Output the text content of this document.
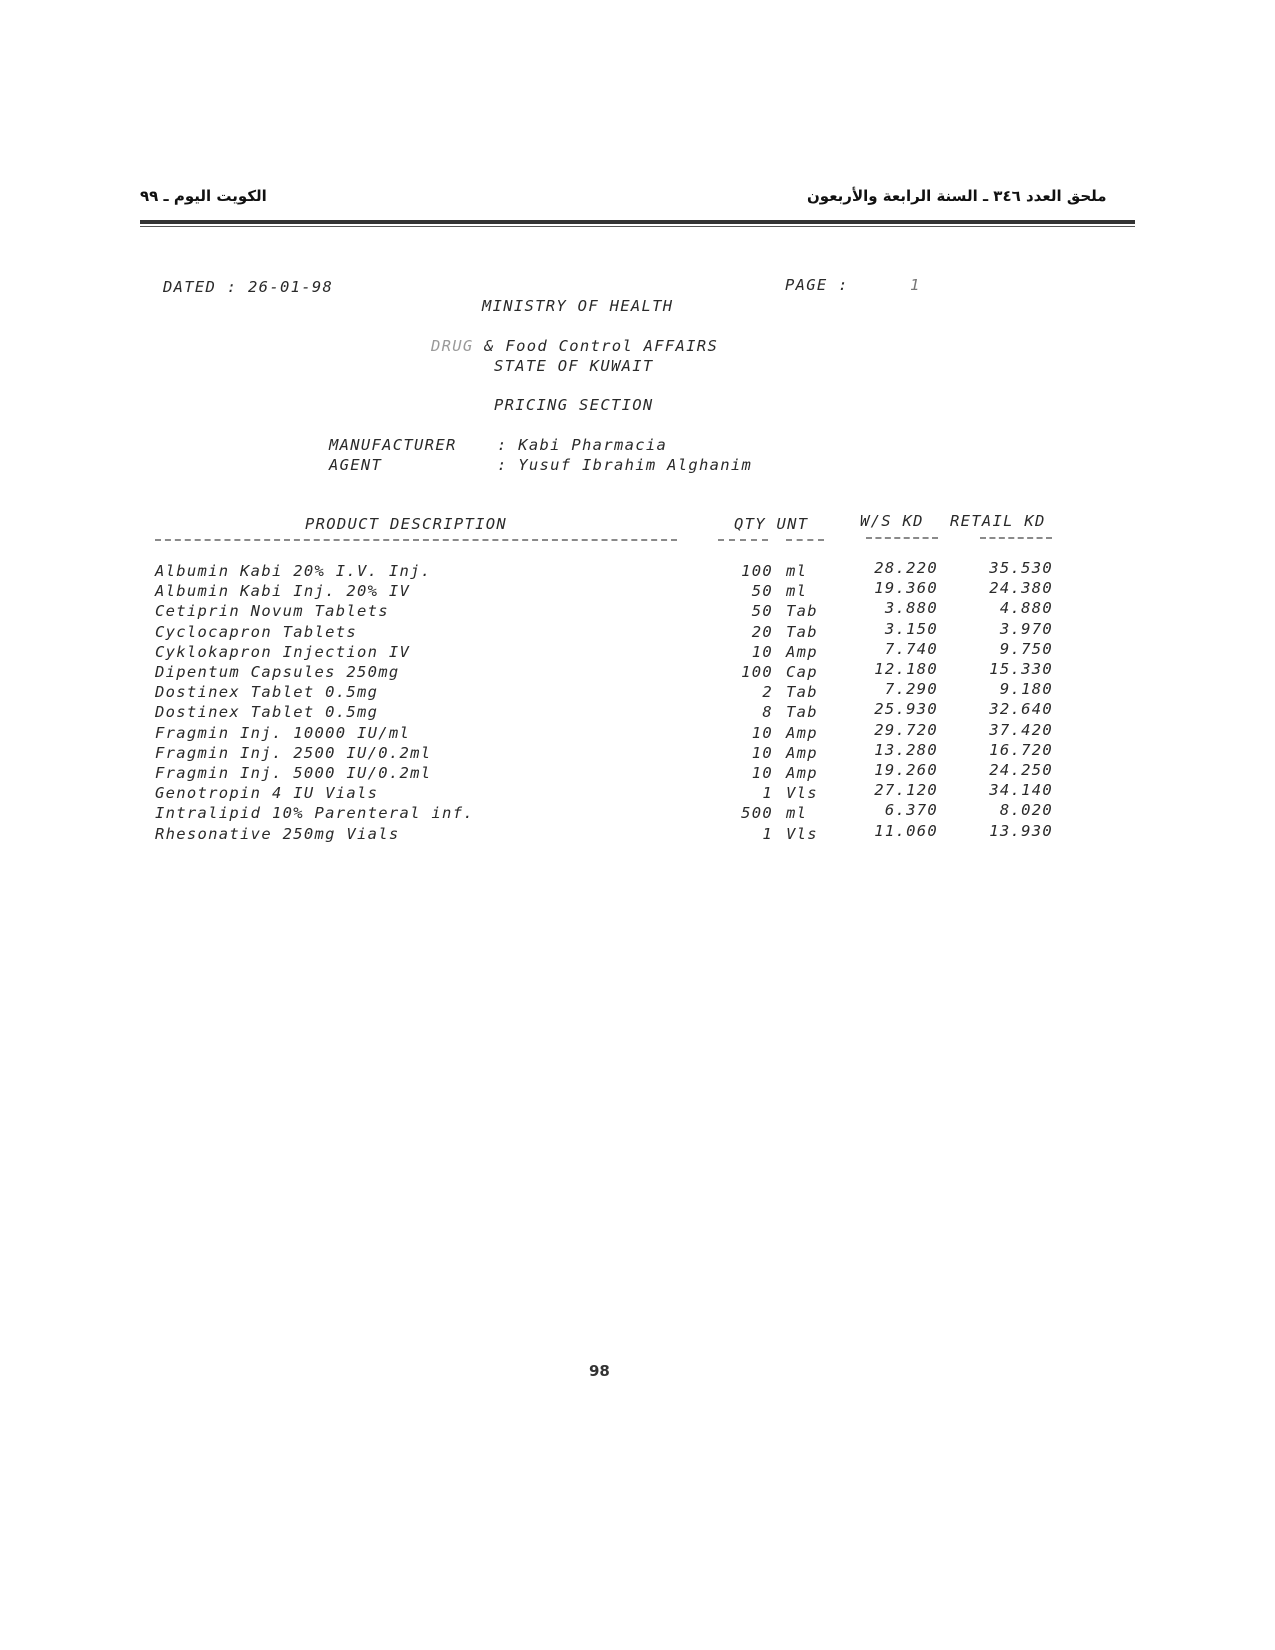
ملحق العدد ٣٤٦ ـ السنة الرابعة والأربعون
الكويت اليوم ـ ٩٩
DATED : 26-01-98	PAGE :	1
MINISTRY OF HEALTH
DRUG & Food Control AFFAIRS
STATE OF KUWAIT
PRICING SECTION
MANUFACTURER	: Kabi Pharmacia
AGENT	: Yusuf Ibrahim Alghanim
PRODUCT DESCRIPTION	QTY UNT	W/S KD RETAIL KD
Albumin Kabi 20% I.V. Inj.	100 ml	28.220	35.530
Albumin Kabi Inj. 20% IV	50 ml	19.360	24.380
Cetiprin Novum Tablets	50 Tab	3.880	4.880
Cyclocapron Tablets	20 Tab	3.150	3.970
Cyklokapron Injection IV	10 Amp	7.740	9.750
Dipentum Capsules 250mg	100 Cap	12.180	15.330
Dostinex Tablet 0.5mg	2 Tab	7.290	9.180
Dostinex Tablet 0.5mg	8 Tab	25.930	32.640
Fragmin Inj. 10000 IU/ml	10 Amp	29.720	37.420
Fragmin Inj. 2500 IU/0.2ml	10 Amp	13.280	16.720
Fragmin Inj. 5000 IU/0.2ml	10 Amp	19.260	24.250
Genotropin 4 IU Vials	1 Vls	27.120	34.140
Intralipid 10% Parenteral inf.	500 ml	6.370	8.020
Rhesonative 250mg Vials	1 Vls	11.060	13.930
98
